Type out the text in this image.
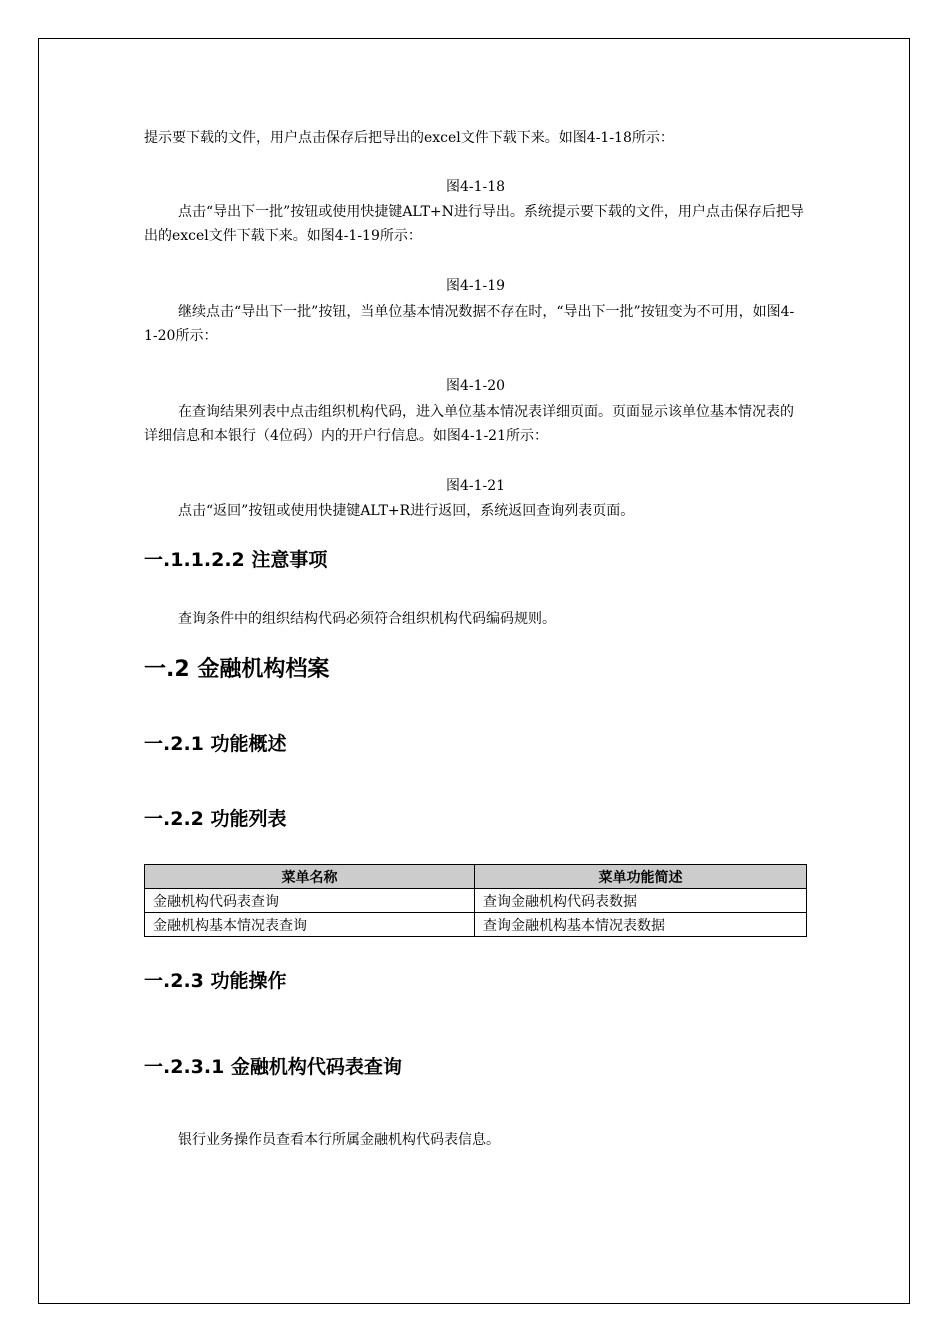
提示要下载的文件，用户点击保存后把导出的excel文件下载下来。如图4-1-18所示：

图4-1-18

点击“导出下一批”按钮或使用快捷键ALT+N进行导出。系统提示要下载的文件，用户点击保存后把导出的excel文件下载下来。如图4-1-19所示：

图4-1-19

继续点击“导出下一批”按钮，当单位基本情况数据不存在时，“导出下一批”按钮变为不可用，如图4-1-20所示：

图4-1-20

在查询结果列表中点击组织机构代码，进入单位基本情况表详细页面。页面显示该单位基本情况表的详细信息和本银行（4位码）内的开户行信息。如图4-1-21所示：

图4-1-21

点击“返回”按钮或使用快捷键ALT+R进行返回，系统返回查询列表页面。

一.1.1.2.2 注意事项

查询条件中的组织结构代码必须符合组织机构代码编码规则。

一.2 金融机构档案
一.2.1 功能概述
一.2.2 功能列表
菜单名称	菜单功能简述
金融机构代码表查询	查询金融机构代码表数据
金融机构基本情况表查询	查询金融机构基本情况表数据
一.2.3 功能操作
一.2.3.1 金融机构代码表查询

银行业务操作员查看本行所属金融机构代码表信息。
